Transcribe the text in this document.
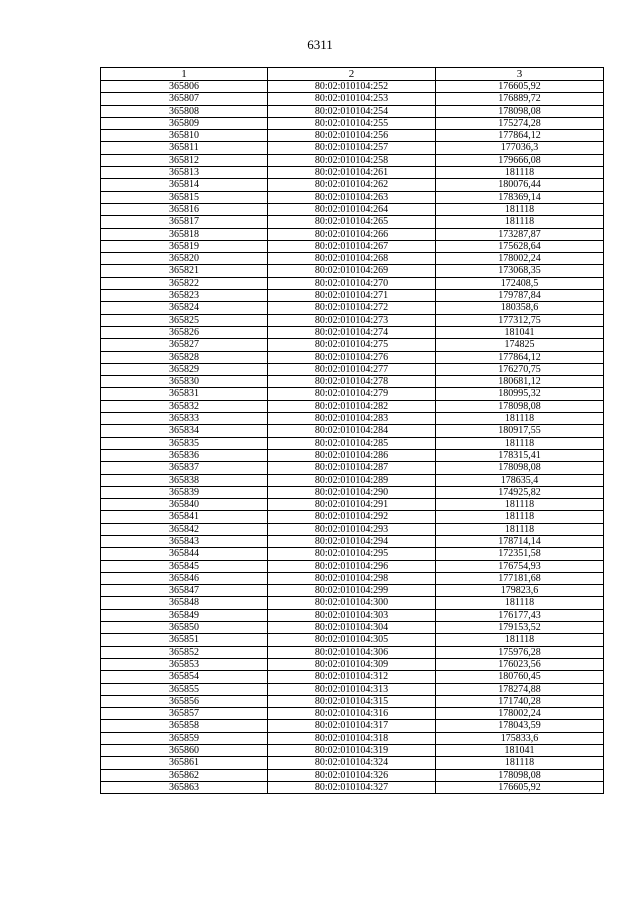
6311
1	2	3
365806	80:02:010104:252	176605,92
365807	80:02:010104:253	176889,72
365808	80:02:010104:254	178098,08
365809	80:02:010104:255	175274,28
365810	80:02:010104:256	177864,12
365811	80:02:010104:257	177036,3
365812	80:02:010104:258	179666,08
365813	80:02:010104:261	181118
365814	80:02:010104:262	180076,44
365815	80:02:010104:263	178369,14
365816	80:02:010104:264	181118
365817	80:02:010104:265	181118
365818	80:02:010104:266	173287,87
365819	80:02:010104:267	175628,64
365820	80:02:010104:268	178002,24
365821	80:02:010104:269	173068,35
365822	80:02:010104:270	172408,5
365823	80:02:010104:271	179787,84
365824	80:02:010104:272	180358,6
365825	80:02:010104:273	177312,75
365826	80:02:010104:274	181041
365827	80:02:010104:275	174825
365828	80:02:010104:276	177864,12
365829	80:02:010104:277	176270,75
365830	80:02:010104:278	180681,12
365831	80:02:010104:279	180995,32
365832	80:02:010104:282	178098,08
365833	80:02:010104:283	181118
365834	80:02:010104:284	180917,55
365835	80:02:010104:285	181118
365836	80:02:010104:286	178315,41
365837	80:02:010104:287	178098,08
365838	80:02:010104:289	178635,4
365839	80:02:010104:290	174925,82
365840	80:02:010104:291	181118
365841	80:02:010104:292	181118
365842	80:02:010104:293	181118
365843	80:02:010104:294	178714,14
365844	80:02:010104:295	172351,58
365845	80:02:010104:296	176754,93
365846	80:02:010104:298	177181,68
365847	80:02:010104:299	179823,6
365848	80:02:010104:300	181118
365849	80:02:010104:303	176177,43
365850	80:02:010104:304	179153,52
365851	80:02:010104:305	181118
365852	80:02:010104:306	175976,28
365853	80:02:010104:309	176023,56
365854	80:02:010104:312	180760,45
365855	80:02:010104:313	178274,88
365856	80:02:010104:315	171740,28
365857	80:02:010104:316	178002,24
365858	80:02:010104:317	178043,59
365859	80:02:010104:318	175833,6
365860	80:02:010104:319	181041
365861	80:02:010104:324	181118
365862	80:02:010104:326	178098,08
365863	80:02:010104:327	176605,92
